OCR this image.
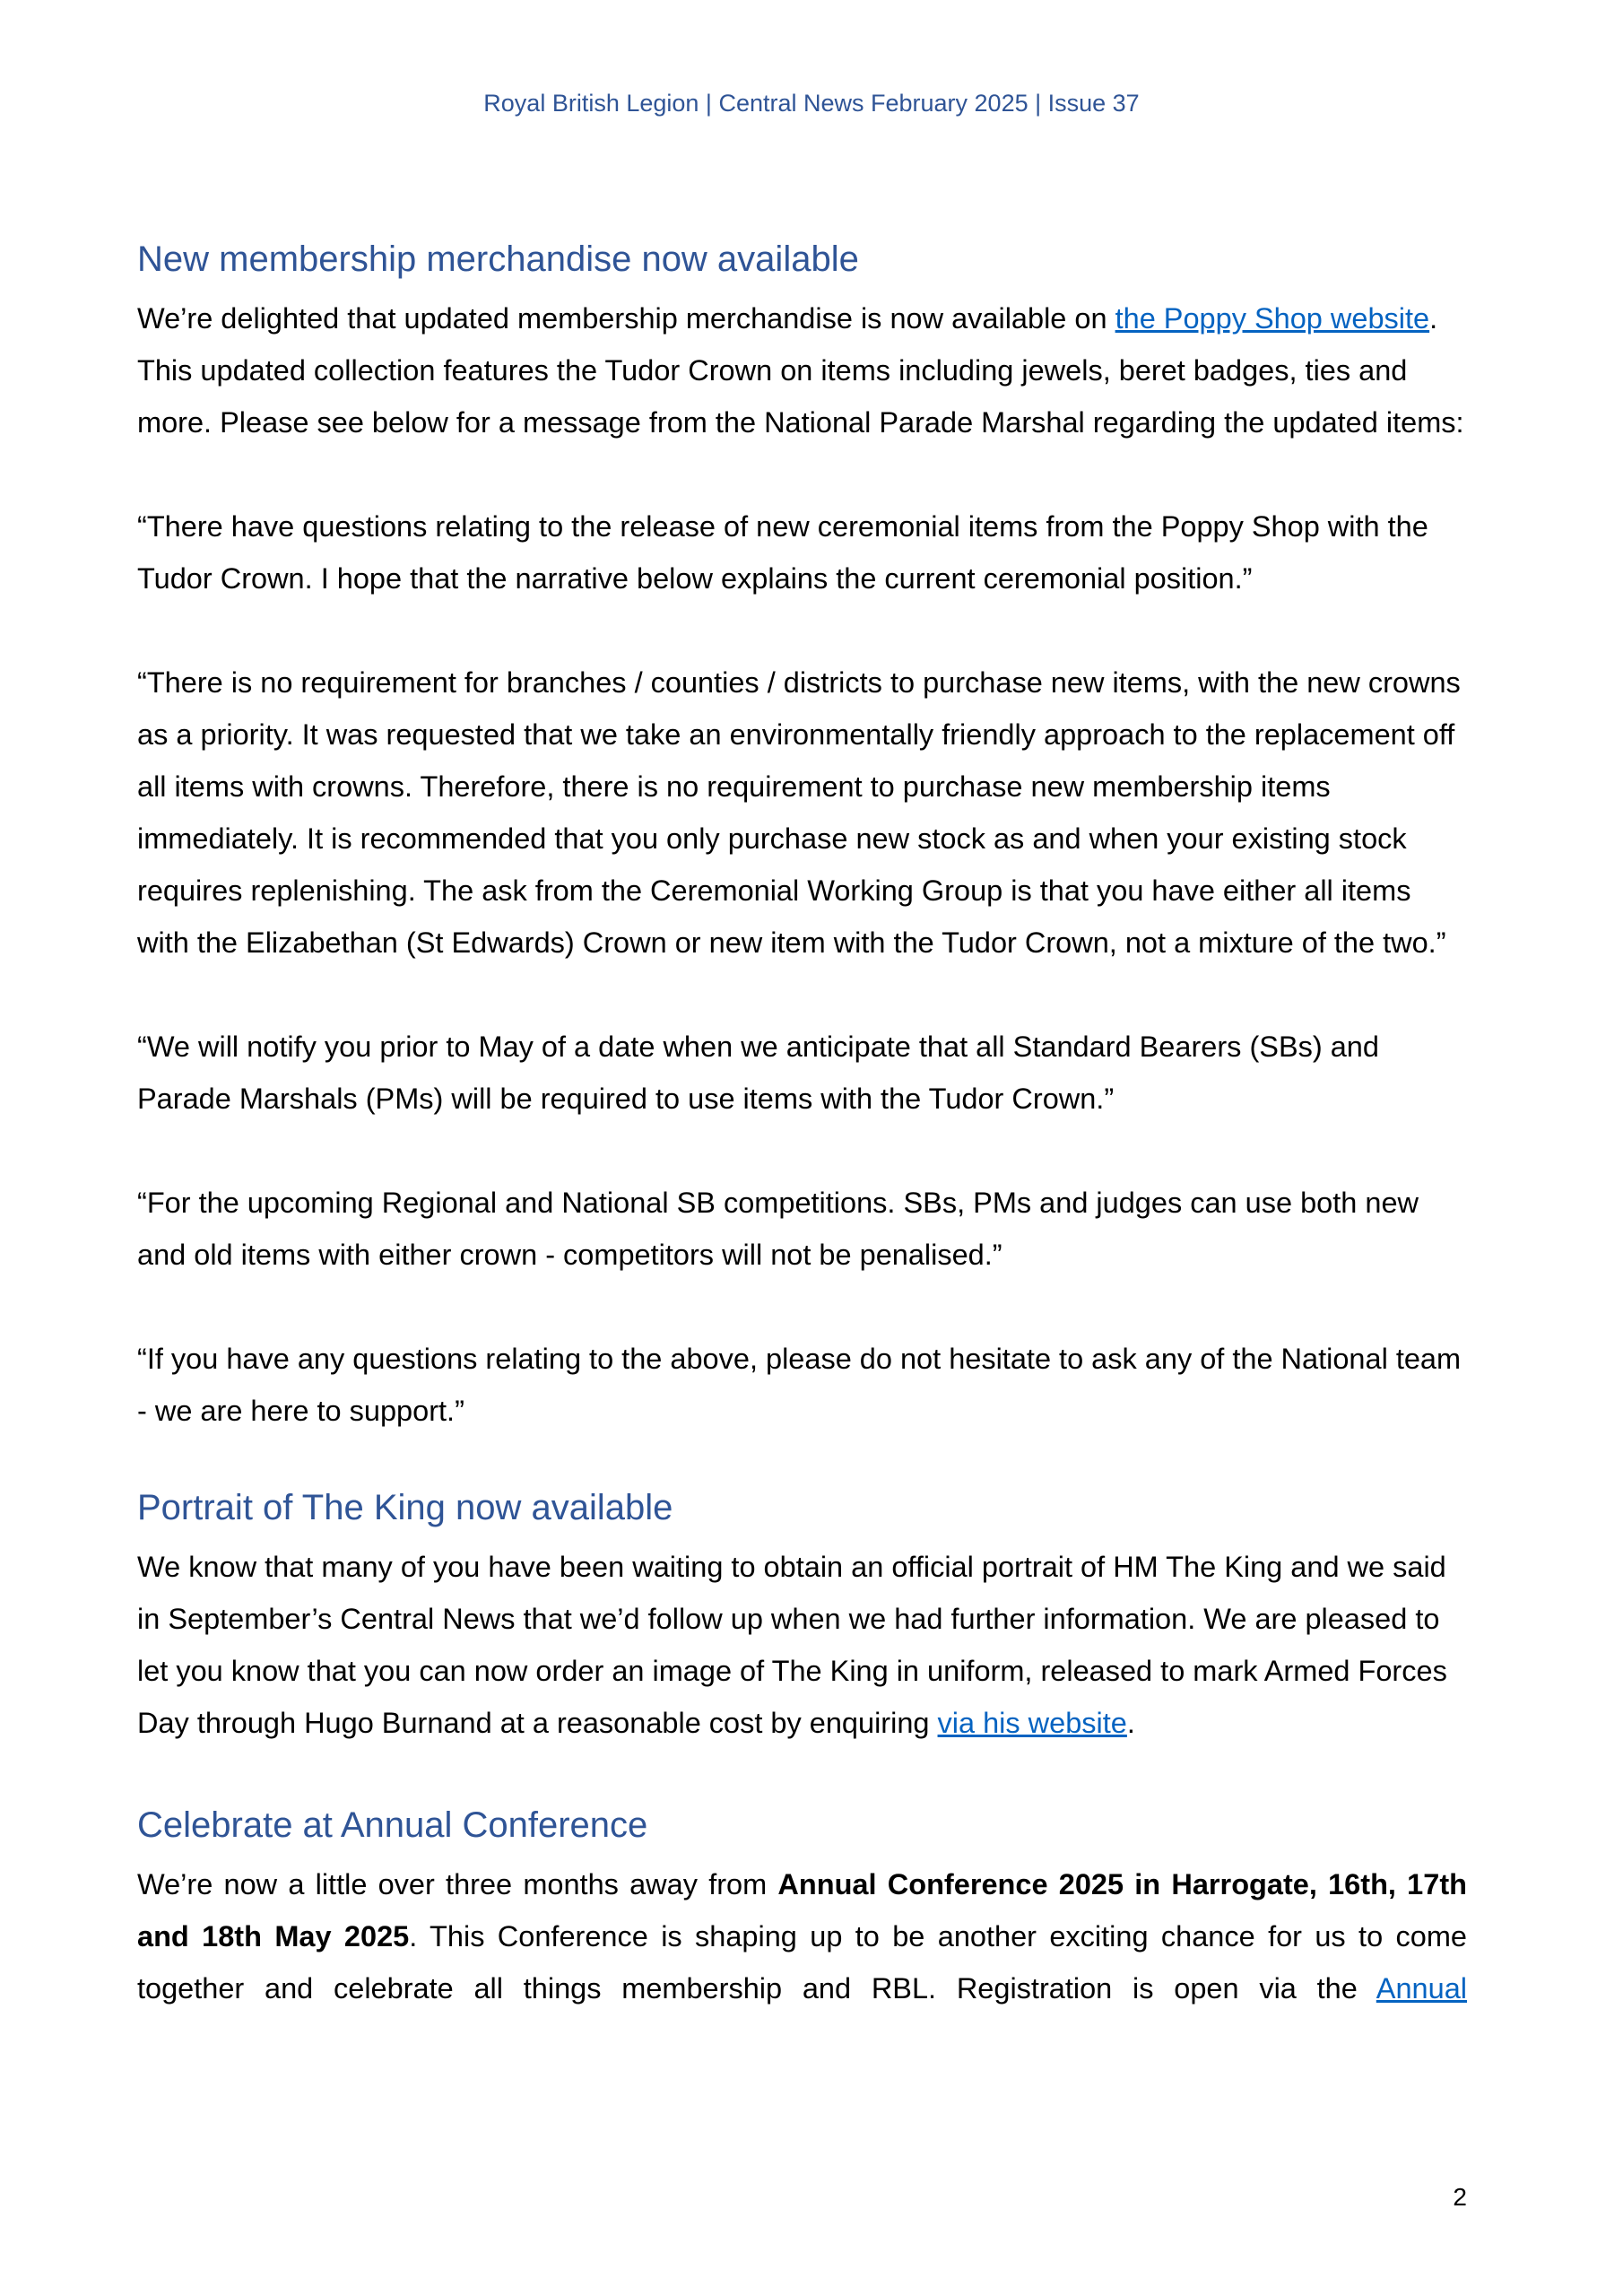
Royal British Legion | Central News February 2025 | Issue 37
New membership merchandise now available

We’re delighted that updated membership merchandise is now available on the Poppy Shop website. This updated collection features the Tudor Crown on items including jewels, beret badges, ties and more. Please see below for a message from the National Parade Marshal regarding the updated items:

“There have questions relating to the release of new ceremonial items from the Poppy Shop with the Tudor Crown. I hope that the narrative below explains the current ceremonial position.”

“There is no requirement for branches / counties / districts to purchase new items, with the new crowns as a priority. It was requested that we take an environmentally friendly approach to the replacement off all items with crowns. Therefore, there is no requirement to purchase new membership items immediately. It is recommended that you only purchase new stock as and when your existing stock requires replenishing. The ask from the Ceremonial Working Group is that you have either all items with the Elizabethan (St Edwards) Crown or new item with the Tudor Crown, not a mixture of the two.”

“We will notify you prior to May of a date when we anticipate that all Standard Bearers (SBs) and Parade Marshals (PMs) will be required to use items with the Tudor Crown.”

“For the upcoming Regional and National SB competitions. SBs, PMs and judges can use both new and old items with either crown - competitors will not be penalised.”

“If you have any questions relating to the above, please do not hesitate to ask any of the National team - we are here to support.”

Portrait of The King now available

We know that many of you have been waiting to obtain an official portrait of HM The King and we said in September’s Central News that we’d follow up when we had further information. We are pleased to let you know that you can now order an image of The King in uniform, released to mark Armed Forces Day through Hugo Burnand at a reasonable cost by enquiring via his website.

Celebrate at Annual Conference

We’re now a little over three months away from Annual Conference 2025 in Harrogate, 16th, 17th and 18th May 2025. This Conference is shaping up to be another exciting chance for us to come together and celebrate all things membership and RBL. Registration is open via the Annual

2
